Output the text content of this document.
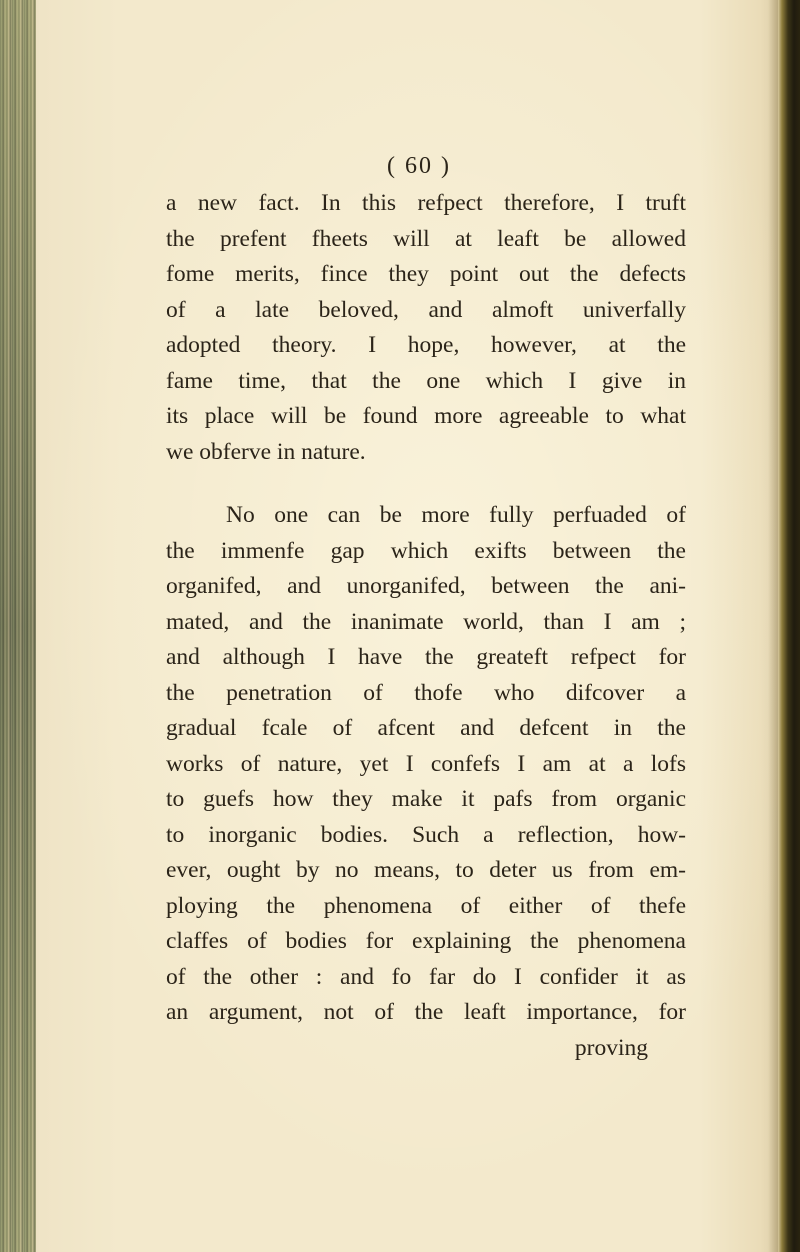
( 60 )
a new fact. In this refpect therefore, I truft
the prefent fheets will at leaft be allowed
fome merits, fince they point out the defects
of a late beloved, and almoft univerfally
adopted theory. I hope, however, at the
fame time, that the one which I give in
its place will be found more agreeable to what
we obferve in nature.
No one can be more fully perfuaded of
the immenfe gap which exifts between the
organifed, and unorganifed, between the ani-
mated, and the inanimate world, than I am ;
and although I have the greateft refpect for
the penetration of thofe who difcover a
gradual fcale of afcent and defcent in the
works of nature, yet I confefs I am at a lofs
to guefs how they make it pafs from organic
to inorganic bodies. Such a reflection, how-
ever, ought by no means, to deter us from em-
ploying the phenomena of either of thefe
claffes of bodies for explaining the phenomena
of the other : and fo far do I confider it as
an argument, not of the leaft importance, for
proving
